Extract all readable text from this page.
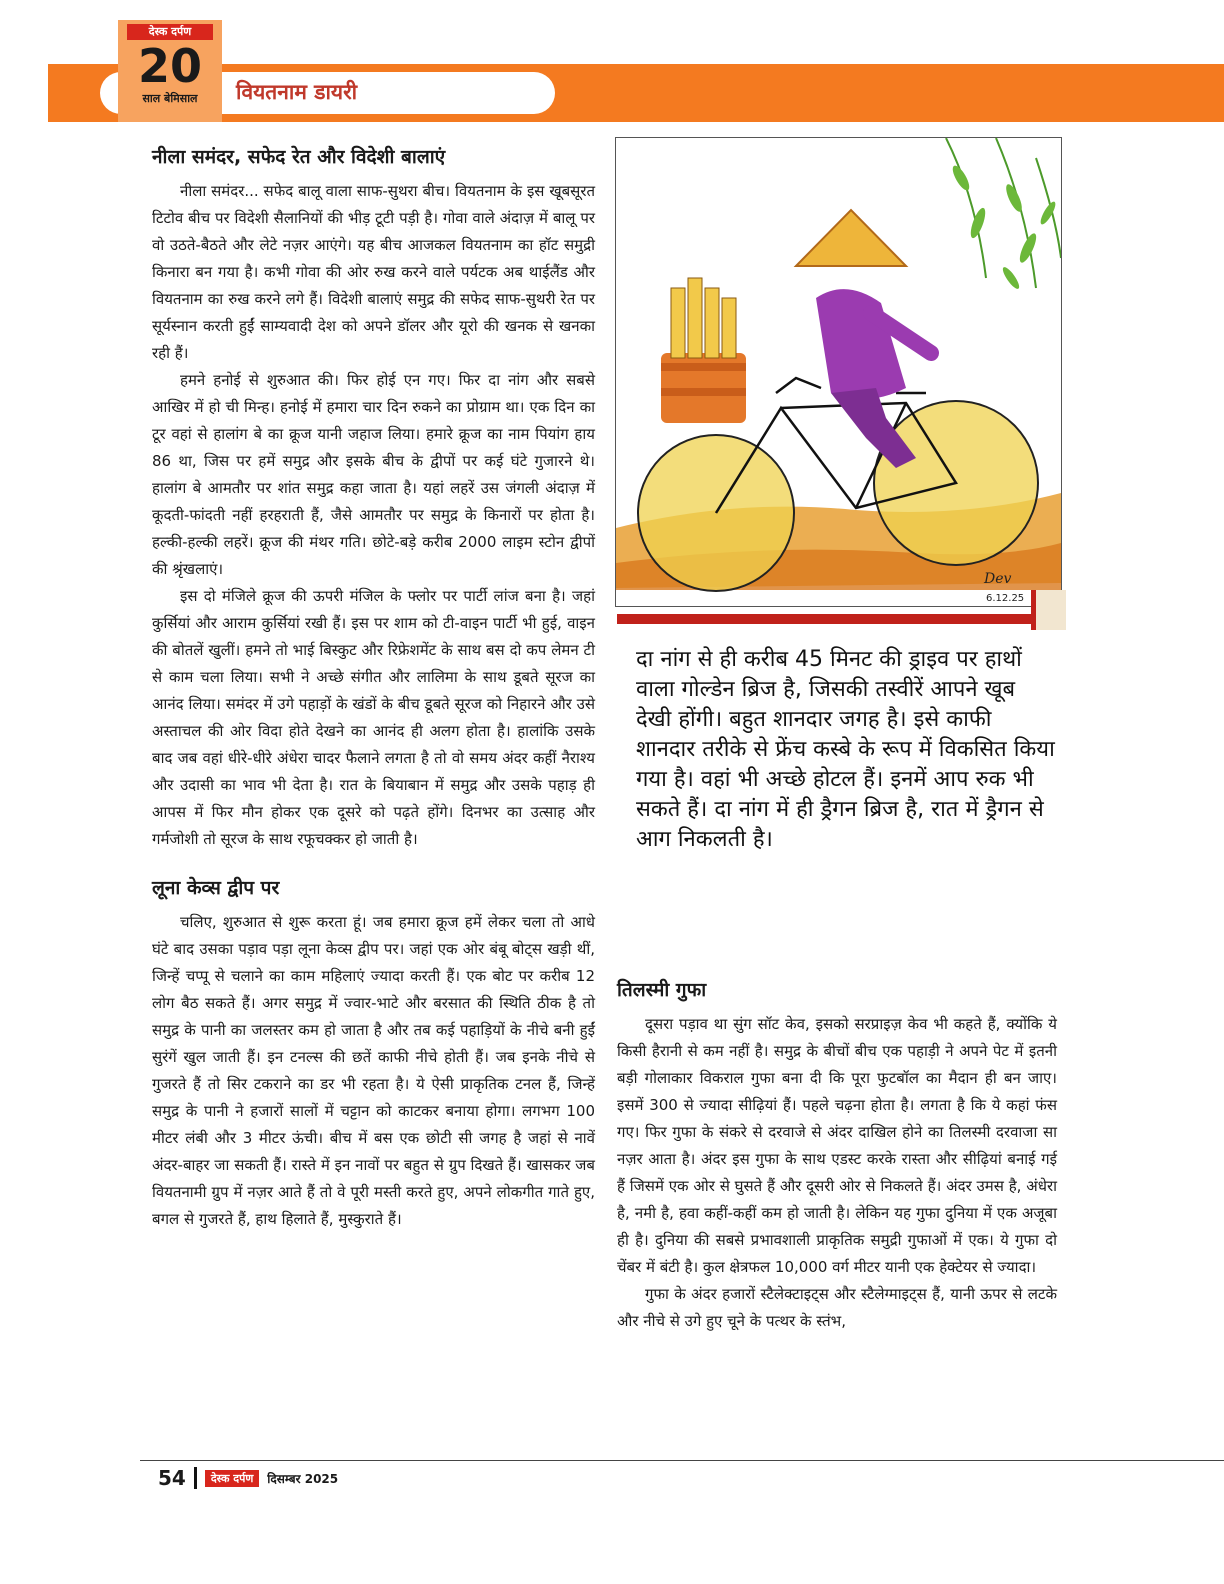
वियतनाम डायरी
देस्क दर्पण
20
साल बेमिसाल
नीला समंदर, सफेद रेत और विदेशी बालाएं

नीला समंदर... सफेद बालू वाला साफ-सुथरा बीच। वियतनाम के इस खूबसूरत टिटोव बीच पर विदेशी सैलानियों की भीड़ टूटी पड़ी है। गोवा वाले अंदाज़ में बालू पर वो उठते-बैठते और लेटे नज़र आएंगे। यह बीच आजकल वियतनाम का हॉट समुद्री किनारा बन गया है। कभी गोवा की ओर रुख करने वाले पर्यटक अब थाईलैंड और वियतनाम का रुख करने लगे हैं। विदेशी बालाएं समुद्र की सफेद साफ-सुथरी रेत पर सूर्यस्नान करती हुईं साम्यवादी देश को अपने डॉलर और यूरो की खनक से खनका रही हैं।

हमने हनोई से शुरुआत की। फिर होई एन गए। फिर दा नांग और सबसे आखिर में हो ची मिन्ह। हनोई में हमारा चार दिन रुकने का प्रोग्राम था। एक दिन का टूर वहां से हालांग बे का क्रूज यानी जहाज लिया। हमारे क्रूज का नाम पियांग हाय 86 था, जिस पर हमें समुद्र और इसके बीच के द्वीपों पर कई घंटे गुजारने थे। हालांग बे आमतौर पर शांत समुद्र कहा जाता है। यहां लहरें उस जंगली अंदाज़ में कूदती-फांदती नहीं हरहराती हैं, जैसे आमतौर पर समुद्र के किनारों पर होता है। हल्की-हल्की लहरें। क्रूज की मंथर गति। छोटे-बड़े करीब 2000 लाइम स्टोन द्वीपों की श्रृंखलाएं।

इस दो मंजिले क्रूज की ऊपरी मंजिल के फ्लोर पर पार्टी लांज बना है। जहां कुर्सियां और आराम कुर्सियां रखी हैं। इस पर शाम को टी-वाइन पार्टी भी हुई, वाइन की बोतलें खुलीं। हमने तो भाई बिस्कुट और रिफ्रेशमेंट के साथ बस दो कप लेमन टी से काम चला लिया। सभी ने अच्छे संगीत और लालिमा के साथ डूबते सूरज का आनंद लिया। समंदर में उगे पहाड़ों के खंडों के बीच डूबते सूरज को निहारने और उसे अस्ताचल की ओर विदा होते देखने का आनंद ही अलग होता है। हालांकि उसके बाद जब वहां धीरे-धीरे अंधेरा चादर फैलाने लगता है तो वो समय अंदर कहीं नैराश्य और उदासी का भाव भी देता है। रात के बियाबान में समुद्र और उसके पहाड़ ही आपस में फिर मौन होकर एक दूसरे को पढ़ते होंगे। दिनभर का उत्साह और गर्मजोशी तो सूरज के साथ रफूचक्कर हो जाती है।

लूना केव्स द्वीप पर

चलिए, शुरुआत से शुरू करता हूं। जब हमारा क्रूज हमें लेकर चला तो आधे घंटे बाद उसका पड़ाव पड़ा लूना केव्स द्वीप पर। जहां एक ओर बंबू बोट्स खड़ी थीं, जिन्हें चप्पू से चलाने का काम महिलाएं ज्यादा करती हैं। एक बोट पर करीब 12 लोग बैठ सकते हैं। अगर समुद्र में ज्वार-भाटे और बरसात की स्थिति ठीक है तो समुद्र के पानी का जलस्तर कम हो जाता है और तब कई पहाड़ियों के नीचे बनी हुईं सुरंगें खुल जाती हैं। इन टनल्स की छतें काफी नीचे होती हैं। जब इनके नीचे से गुजरते हैं तो सिर टकराने का डर भी रहता है। ये ऐसी प्राकृतिक टनल हैं, जिन्हें समुद्र के पानी ने हजारों सालों में चट्टान को काटकर बनाया होगा। लगभग 100 मीटर लंबी और 3 मीटर ऊंची। बीच में बस एक छोटी सी जगह है जहां से नावें अंदर-बाहर जा सकती हैं। रास्ते में इन नावों पर बहुत से ग्रुप दिखते हैं। खासकर जब वियतनामी ग्रुप में नज़र आते हैं तो वे पूरी मस्ती करते हुए, अपने लोकगीत गाते हुए, बगल से गुजरते हैं, हाथ हिलाते हैं, मुस्कुराते हैं।

Dev
6.12.25
दा नांग से ही करीब 45 मिनट की ड्राइव पर हाथों वाला गोल्डेन ब्रिज है, जिसकी तस्वीरें आपने खूब देखी होंगी। बहुत शानदार जगह है। इसे काफी शानदार तरीके से फ्रेंच कस्बे के रूप में विकसित किया गया है। वहां भी अच्छे होटल हैं। इनमें आप रुक भी सकते हैं। दा नांग में ही ड्रैगन ब्रिज है, रात में ड्रैगन से आग निकलती है।
तिलस्मी गुफा

दूसरा पड़ाव था सुंग सॉट केव, इसको सरप्राइज़ केव भी कहते हैं, क्योंकि ये किसी हैरानी से कम नहीं है। समुद्र के बीचों बीच एक पहाड़ी ने अपने पेट में इतनी बड़ी गोलाकार विकराल गुफा बना दी कि पूरा फुटबॉल का मैदान ही बन जाए। इसमें 300 से ज्यादा सीढ़ियां हैं। पहले चढ़ना होता है। लगता है कि ये कहां फंस गए। फिर गुफा के संकरे से दरवाजे से अंदर दाखिल होने का तिलस्मी दरवाजा सा नज़र आता है। अंदर इस गुफा के साथ एडस्ट करके रास्ता और सीढ़ियां बनाई गई हैं जिसमें एक ओर से घुसते हैं और दूसरी ओर से निकलते हैं। अंदर उमस है, अंधेरा है, नमी है, हवा कहीं-कहीं कम हो जाती है। लेकिन यह गुफा दुनिया में एक अजूबा ही है। दुनिया की सबसे प्रभावशाली प्राकृतिक समुद्री गुफाओं में एक। ये गुफा दो चेंबर में बंटी है। कुल क्षेत्रफल 10,000 वर्ग मीटर यानी एक हेक्टेयर से ज्यादा।

गुफा के अंदर हजारों स्टैलेक्टाइट्स और स्टैलेग्माइट्स हैं, यानी ऊपर से लटके और नीचे से उगे हुए चूने के पत्थर के स्तंभ,

54	देस्क दर्पण	दिसम्बर 2025
